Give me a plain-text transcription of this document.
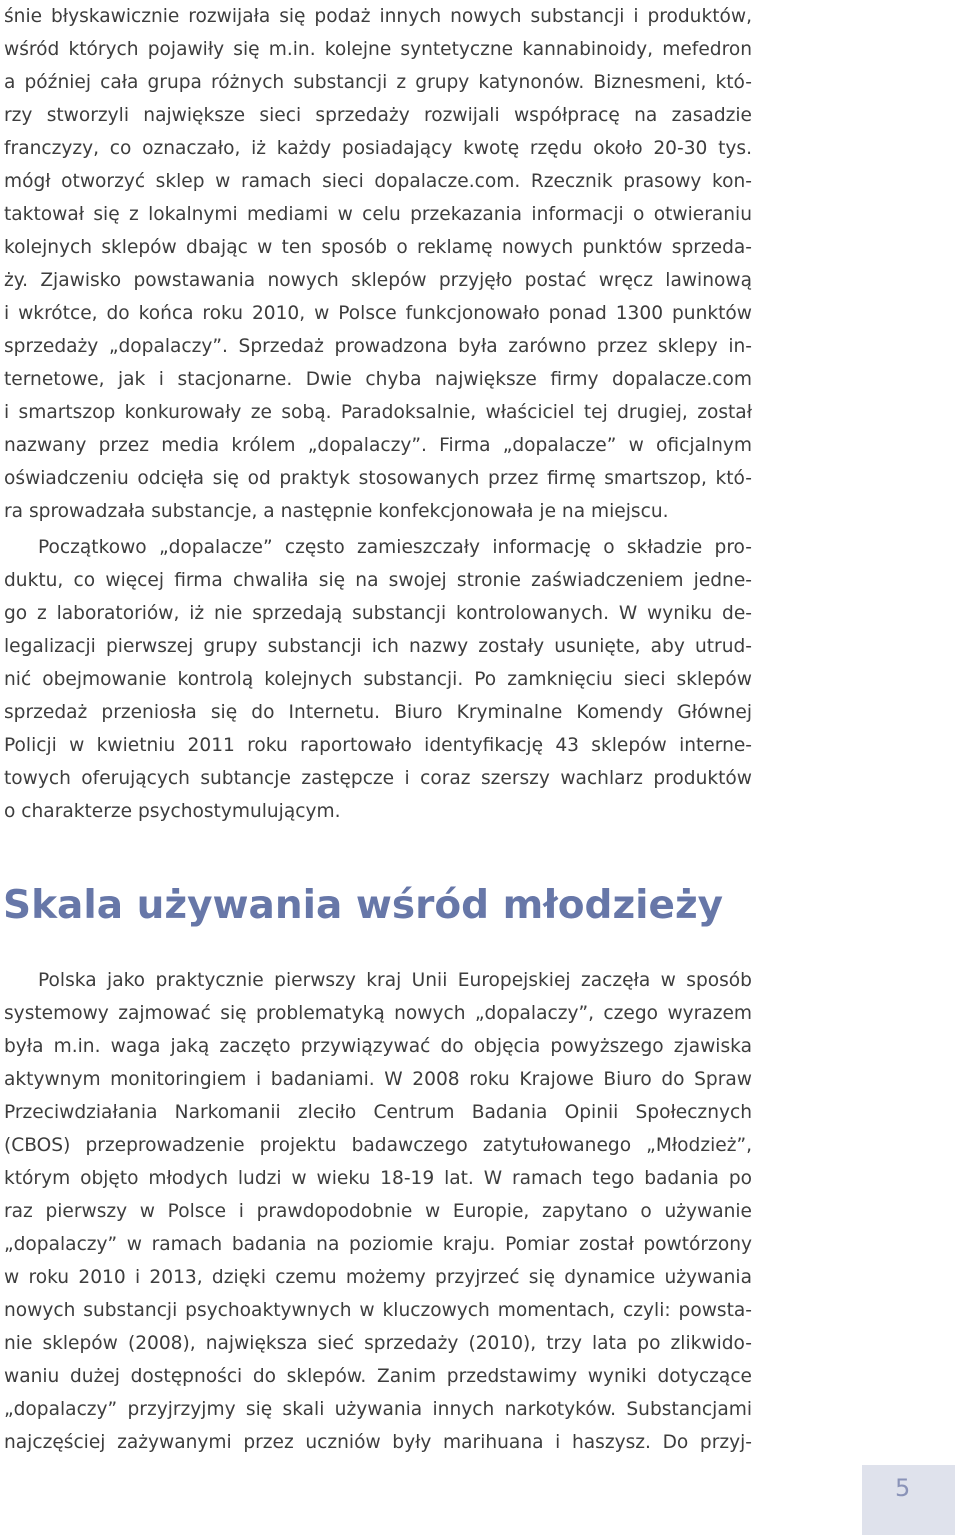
śnie błyskawicznie rozwijała się podaż innych nowych substancji i produktów,
wśród których pojawiły się m.in. kolejne syntetyczne kannabinoidy, mefedron
a później cała grupa różnych substancji z grupy katynonów. Biznesmeni, któ-
rzy stworzyli największe sieci sprzedaży rozwijali współpracę na zasadzie
franczyzy, co oznaczało, iż każdy posiadający kwotę rzędu około 20-30 tys.
mógł otworzyć sklep w ramach sieci dopalacze.com. Rzecznik prasowy kon-
taktował się z lokalnymi mediami w celu przekazania informacji o otwieraniu
kolejnych sklepów dbając w ten sposób o reklamę nowych punktów sprzeda-
ży. Zjawisko powstawania nowych sklepów przyjęło postać wręcz lawinową
i wkrótce, do końca roku 2010, w Polsce funkcjonowało ponad 1300 punktów
sprzedaży „dopalaczy”. Sprzedaż prowadzona była zarówno przez sklepy in-
ternetowe, jak i stacjonarne. Dwie chyba największe firmy dopalacze.com
i smartszop konkurowały ze sobą. Paradoksalnie, właściciel tej drugiej, został
nazwany przez media królem „dopalaczy”. Firma „dopalacze” w oficjalnym
oświadczeniu odcięła się od praktyk stosowanych przez firmę smartszop, któ-
ra sprowadzała substancje, a następnie konfekcjonowała je na miejscu.
Początkowo „dopalacze” często zamieszczały informację o składzie pro-
duktu, co więcej firma chwaliła się na swojej stronie zaświadczeniem jedne-
go z laboratoriów, iż nie sprzedają substancji kontrolowanych. W wyniku de-
legalizacji pierwszej grupy substancji ich nazwy zostały usunięte, aby utrud-
nić obejmowanie kontrolą kolejnych substancji. Po zamknięciu sieci sklepów
sprzedaż przeniosła się do Internetu. Biuro Kryminalne Komendy Głównej
Policji w kwietniu 2011 roku raportowało identyfikację 43 sklepów interne-
towych oferujących subtancje zastępcze i coraz szerszy wachlarz produktów
o charakterze psychostymulującym.
Skala używania wśród młodzieży
Polska jako praktycznie pierwszy kraj Unii Europejskiej zaczęła w sposób
systemowy zajmować się problematyką nowych „dopalaczy”, czego wyrazem
była m.in. waga jaką zaczęto przywiązywać do objęcia powyższego zjawiska
aktywnym monitoringiem i badaniami. W 2008 roku Krajowe Biuro do Spraw
Przeciwdziałania Narkomanii zleciło Centrum Badania Opinii Społecznych
(CBOS) przeprowadzenie projektu badawczego zatytułowanego „Młodzież”,
którym objęto młodych ludzi w wieku 18-19 lat. W ramach tego badania po
raz pierwszy w Polsce i prawdopodobnie w Europie, zapytano o używanie
„dopalaczy” w ramach badania na poziomie kraju. Pomiar został powtórzony
w roku 2010 i 2013, dzięki czemu możemy przyjrzeć się dynamice używania
nowych substancji psychoaktywnych w kluczowych momentach, czyli: powsta-
nie sklepów (2008), największa sieć sprzedaży (2010), trzy lata po zlikwido-
waniu dużej dostępności do sklepów. Zanim przedstawimy wyniki dotyczące
„dopalaczy” przyjrzyjmy się skali używania innych narkotyków. Substancjami
najczęściej zażywanymi przez uczniów były marihuana i haszysz. Do przyj-
5
